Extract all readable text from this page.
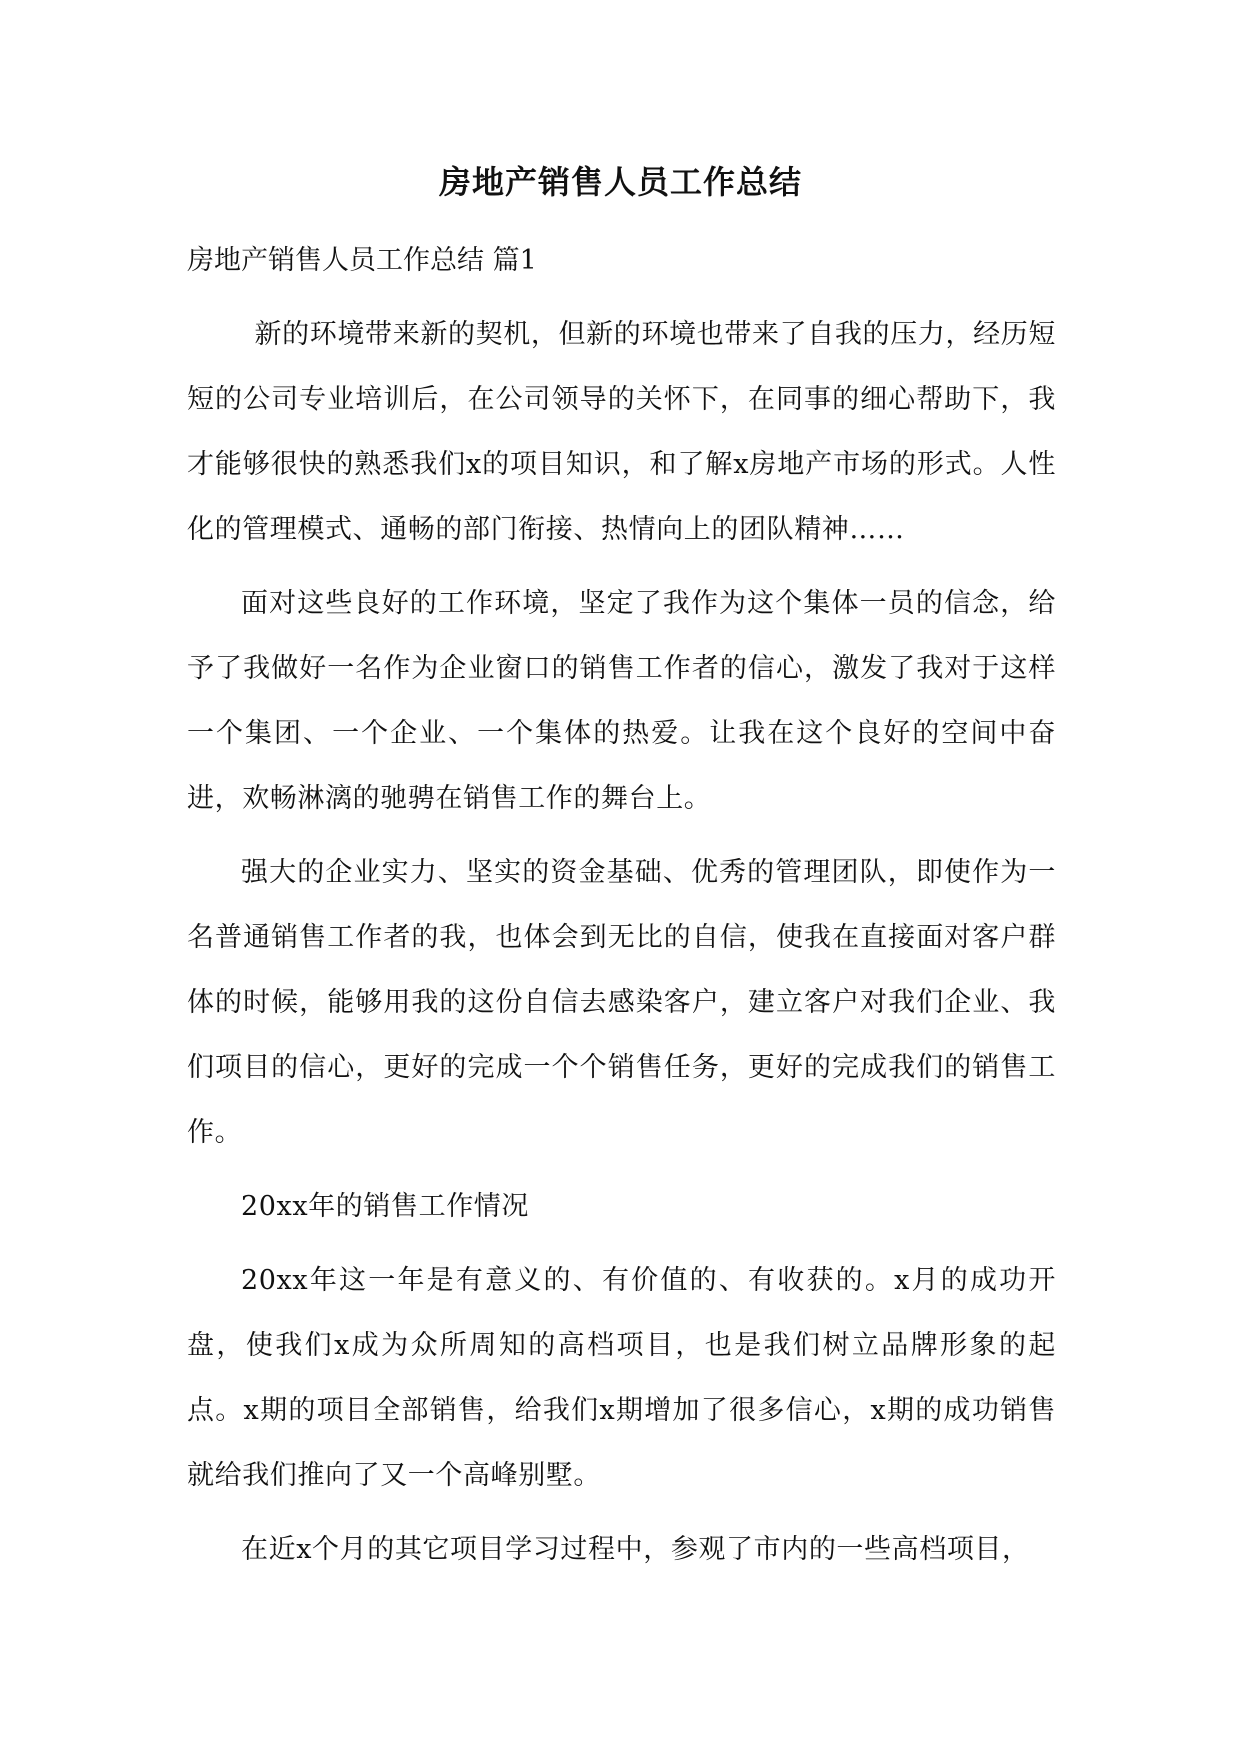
房地产销售人员工作总结
房地产销售人员工作总结 篇1

新的环境带来新的契机，但新的环境也带来了自我的压力，经历短短的公司专业培训后，在公司领导的关怀下，在同事的细心帮助下，我才能够很快的熟悉我们x的项目知识，和了解x房地产市场的形式。人性化的管理模式、通畅的部门衔接、热情向上的团队精神……

面对这些良好的工作环境，坚定了我作为这个集体一员的信念，给予了我做好一名作为企业窗口的销售工作者的信心，激发了我对于这样一个集团、一个企业、一个集体的热爱。让我在这个良好的空间中奋进，欢畅淋漓的驰骋在销售工作的舞台上。

强大的企业实力、坚实的资金基础、优秀的管理团队，即使作为一名普通销售工作者的我，也体会到无比的自信，使我在直接面对客户群体的时候，能够用我的这份自信去感染客户，建立客户对我们企业、我们项目的信心，更好的完成一个个销售任务，更好的完成我们的销售工作。

20xx年的销售工作情况

20xx年这一年是有意义的、有价值的、有收获的。x月的成功开盘，使我们x成为众所周知的高档项目，也是我们树立品牌形象的起点。x期的项目全部销售，给我们x期增加了很多信心，x期的成功销售就给我们推向了又一个高峰别墅。

在近x个月的其它项目学习过程中，参观了市内的一些高档项目，
